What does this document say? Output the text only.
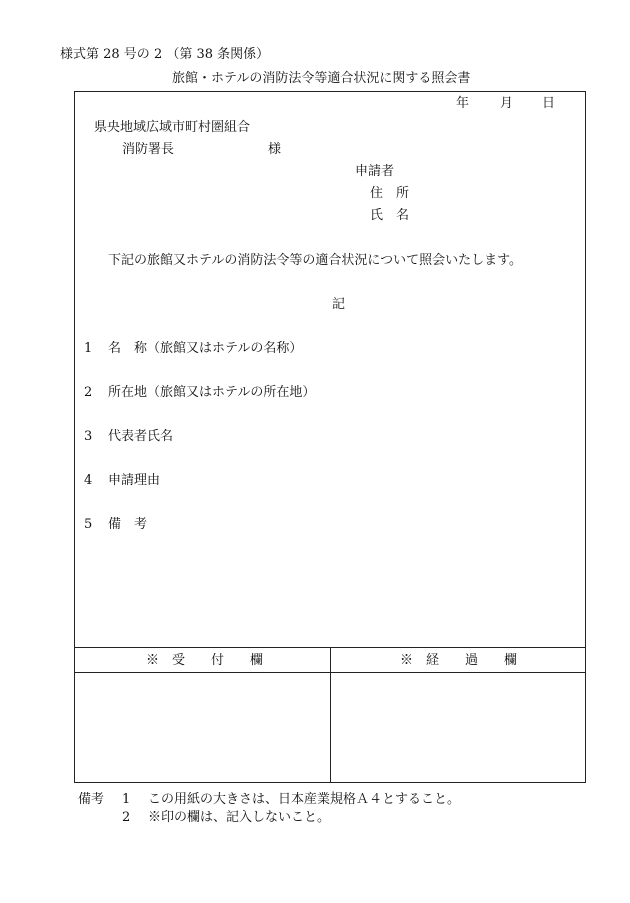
様式第 28 号の 2 （第 38 条関係）
旅館・ホテルの消防法令等適合状況に関する照会書
年 月 日
県央地域広域市町村圏組合
消防署長	様
申請者
住　所
氏　名
下記の旅館又ホテルの消防法令等の適合状況について照会いたします。
記
1 名　称（旅館又はホテルの名称）
2 所在地（旅館又はホテルの所在地）
3 代表者氏名
4 申請理由
5 備　考
※　受　　付　　欄	※　経　　過　　欄
備考 1 この用紙の大きさは、日本産業規格Ａ４とすること。
2 ※印の欄は、記入しないこと。
